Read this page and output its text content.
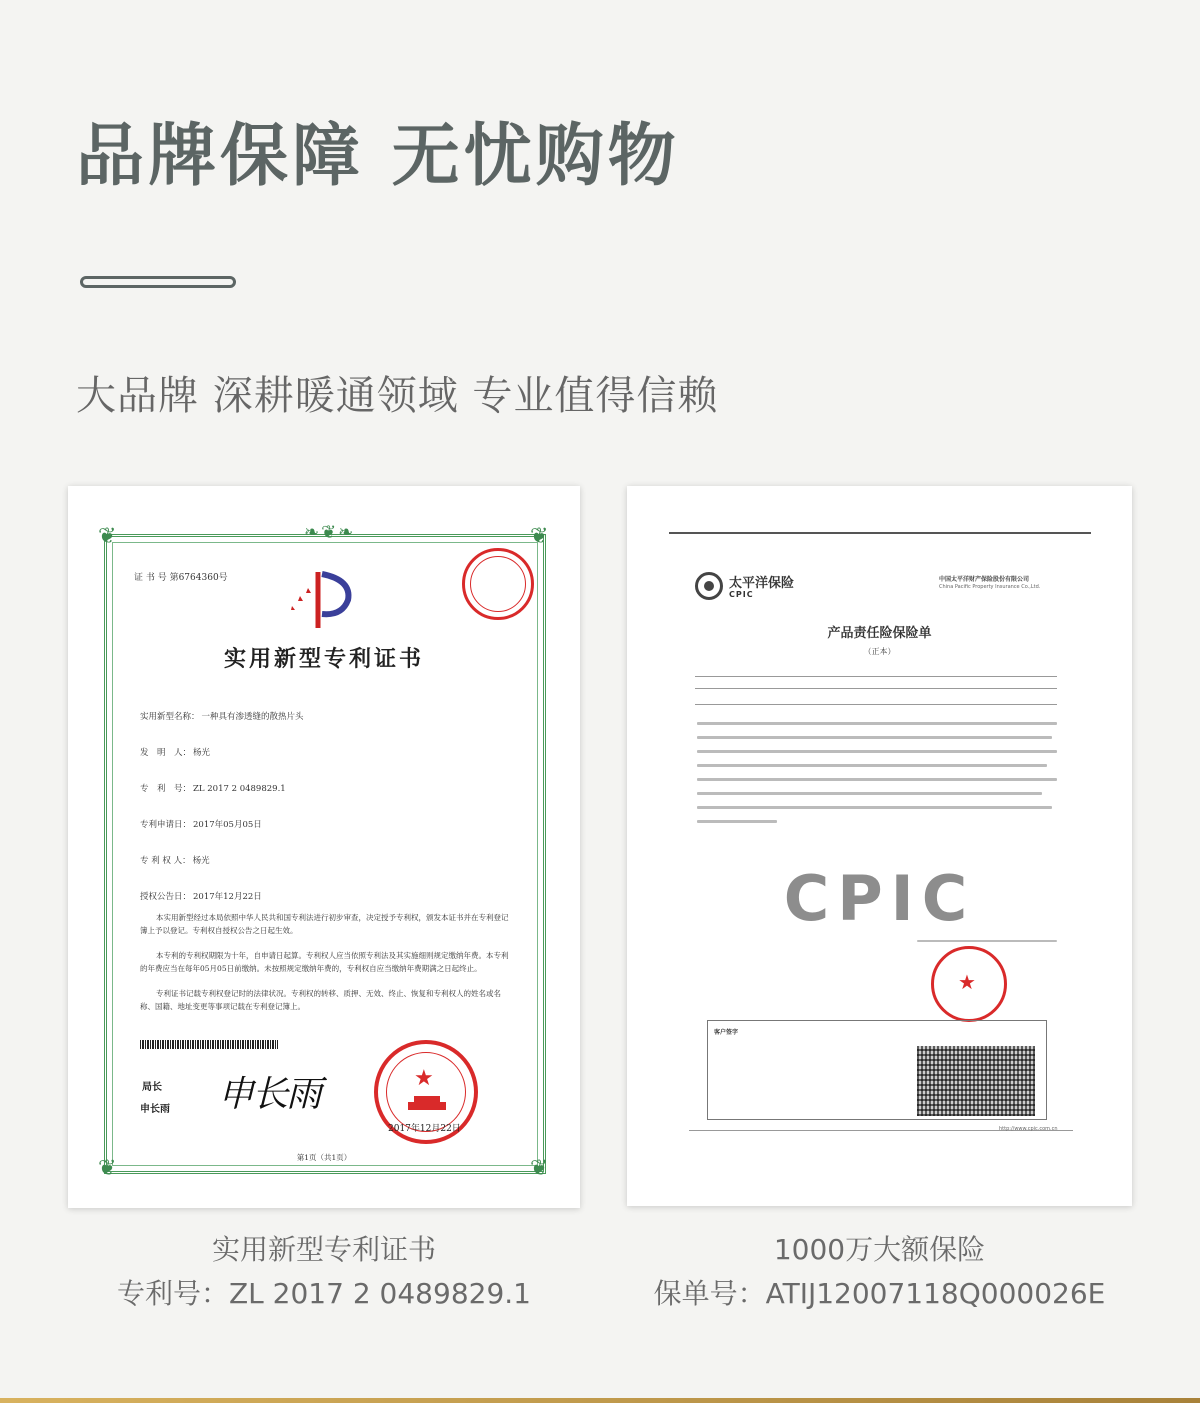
品牌保障 无忧购物

大品牌 深耕暖通领域 专业值得信赖

❦	❦
❦	❦
❧❦❧
证 书 号 第6764360号
实用新型专利证书
实用新型名称： 一种具有渗透缝的散热片头
发　明　人： 杨光
专　利　号： ZL 2017 2 0489829.1
专利申请日： 2017年05月05日
专 利 权 人： 杨光
授权公告日： 2017年12月22日
本实用新型经过本局依照中华人民共和国专利法进行初步审查，决定授予专利权，颁发本证书并在专利登记簿上予以登记。专利权自授权公告之日起生效。
本专利的专利权期限为十年，自申请日起算。专利权人应当依照专利法及其实施细则规定缴纳年费。本专利的年费应当在每年05月05日前缴纳。未按照规定缴纳年费的，专利权自应当缴纳年费期满之日起终止。
专利证书记载专利权登记时的法律状况。专利权的转移、质押、无效、终止、恢复和专利权人的姓名或名称、国籍、地址变更等事项记载在专利登记簿上。
局长
申长雨 申长雨	★
2017年12月22日
第1页（共1页）
太平洋保险
CPIC
中国太平洋财产保险股份有限公司
China Pacific Property Insurance Co.,Ltd.
产品责任险保险单
（正本）
CPIC
★
客户签字
http://www.cpic.com.cn
实用新型专利证书
专利号：ZL 2017 2 0489829.1
1000万大额保险
保单号：ATIJ12007118Q000026E
